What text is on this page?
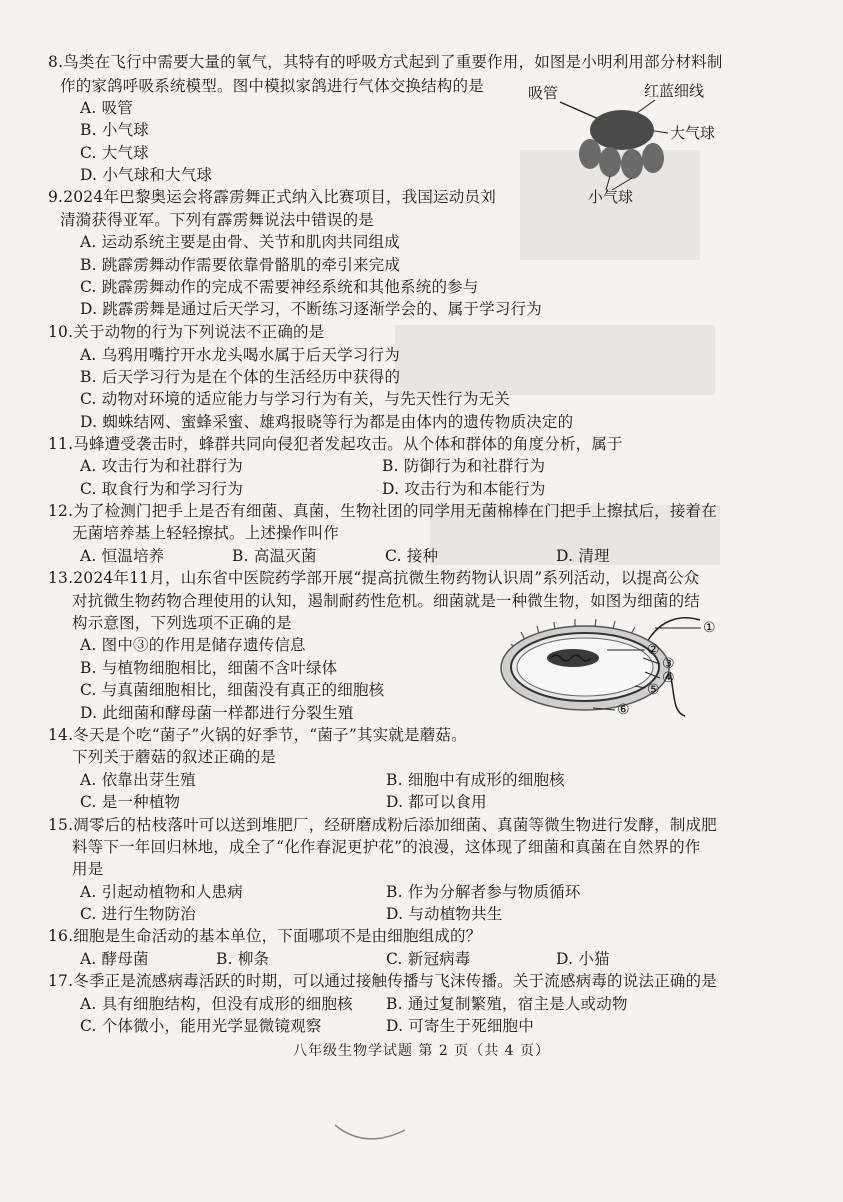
8.鸟类在飞行中需要大量的氧气，其特有的呼吸方式起到了重要作用，如图是小明利用部分材料制
作的家鸽呼吸系统模型。图中模拟家鸽进行气体交换结构的是
A. 吸管
B. 小气球
C. 大气球
D. 小气球和大气球
吸管	红蓝细线
大气球
小气球
9.2024年巴黎奥运会将霹雳舞正式纳入比赛项目，我国运动员刘
清漪获得亚军。下列有霹雳舞说法中错误的是
A. 运动系统主要是由骨、关节和肌肉共同组成
B. 跳霹雳舞动作需要依靠骨骼肌的牵引来完成
C. 跳霹雳舞动作的完成不需要神经系统和其他系统的参与
D. 跳霹雳舞是通过后天学习，不断练习逐渐学会的、属于学习行为
10.关于动物的行为下列说法不正确的是
A. 乌鸦用嘴拧开水龙头喝水属于后天学习行为
B. 后天学习行为是在个体的生活经历中获得的
C. 动物对环境的适应能力与学习行为有关，与先天性行为无关
D. 蜘蛛结网、蜜蜂采蜜、雄鸡报晓等行为都是由体内的遗传物质决定的
11.马蜂遭受袭击时，蜂群共同向侵犯者发起攻击。从个体和群体的角度分析，属于
A. 攻击行为和社群行为	B. 防御行为和社群行为
C. 取食行为和学习行为	D. 攻击行为和本能行为
12.为了检测门把手上是否有细菌、真菌，生物社团的同学用无菌棉棒在门把手上擦拭后，接着在
无菌培养基上轻轻擦拭。上述操作叫作
A. 恒温培养	B. 高温灭菌	C. 接种	D. 清理
13.2024年11月，山东省中医院药学部开展“提高抗微生物药物认识周”系列活动，以提高公众
对抗微生物药物合理使用的认知，遏制耐药性危机。细菌就是一种微生物，如图为细菌的结
构示意图，下列选项不正确的是
A. 图中③的作用是储存遗传信息
B. 与植物细胞相比，细菌不含叶绿体
C. 与真菌细胞相比，细菌没有真正的细胞核
D. 此细菌和酵母菌一样都进行分裂生殖
①
②
③
④
⑤
⑥
14.冬天是个吃“菌子”火锅的好季节，“菌子”其实就是蘑菇。
下列关于蘑菇的叙述正确的是
A. 依靠出芽生殖	B. 细胞中有成形的细胞核
C. 是一种植物	D. 都可以食用
15.凋零后的枯枝落叶可以送到堆肥厂，经研磨成粉后添加细菌、真菌等微生物进行发酵，制成肥
料等下一年回归林地，成全了“化作春泥更护花”的浪漫，这体现了细菌和真菌在自然界的作
用是
A. 引起动植物和人患病	B. 作为分解者参与物质循环
C. 进行生物防治	D. 与动植物共生
16.细胞是生命活动的基本单位，下面哪项不是由细胞组成的？
A. 酵母菌	B. 柳条	C. 新冠病毒	D. 小猫
17.冬季正是流感病毒活跃的时期，可以通过接触传播与飞沫传播。关于流感病毒的说法正确的是
A. 具有细胞结构，但没有成形的细胞核 B. 通过复制繁殖，宿主是人或动物
C. 个体微小，能用光学显微镜观察	D. 可寄生于死细胞中
八年级生物学试题 第 2 页（共 4 页）
